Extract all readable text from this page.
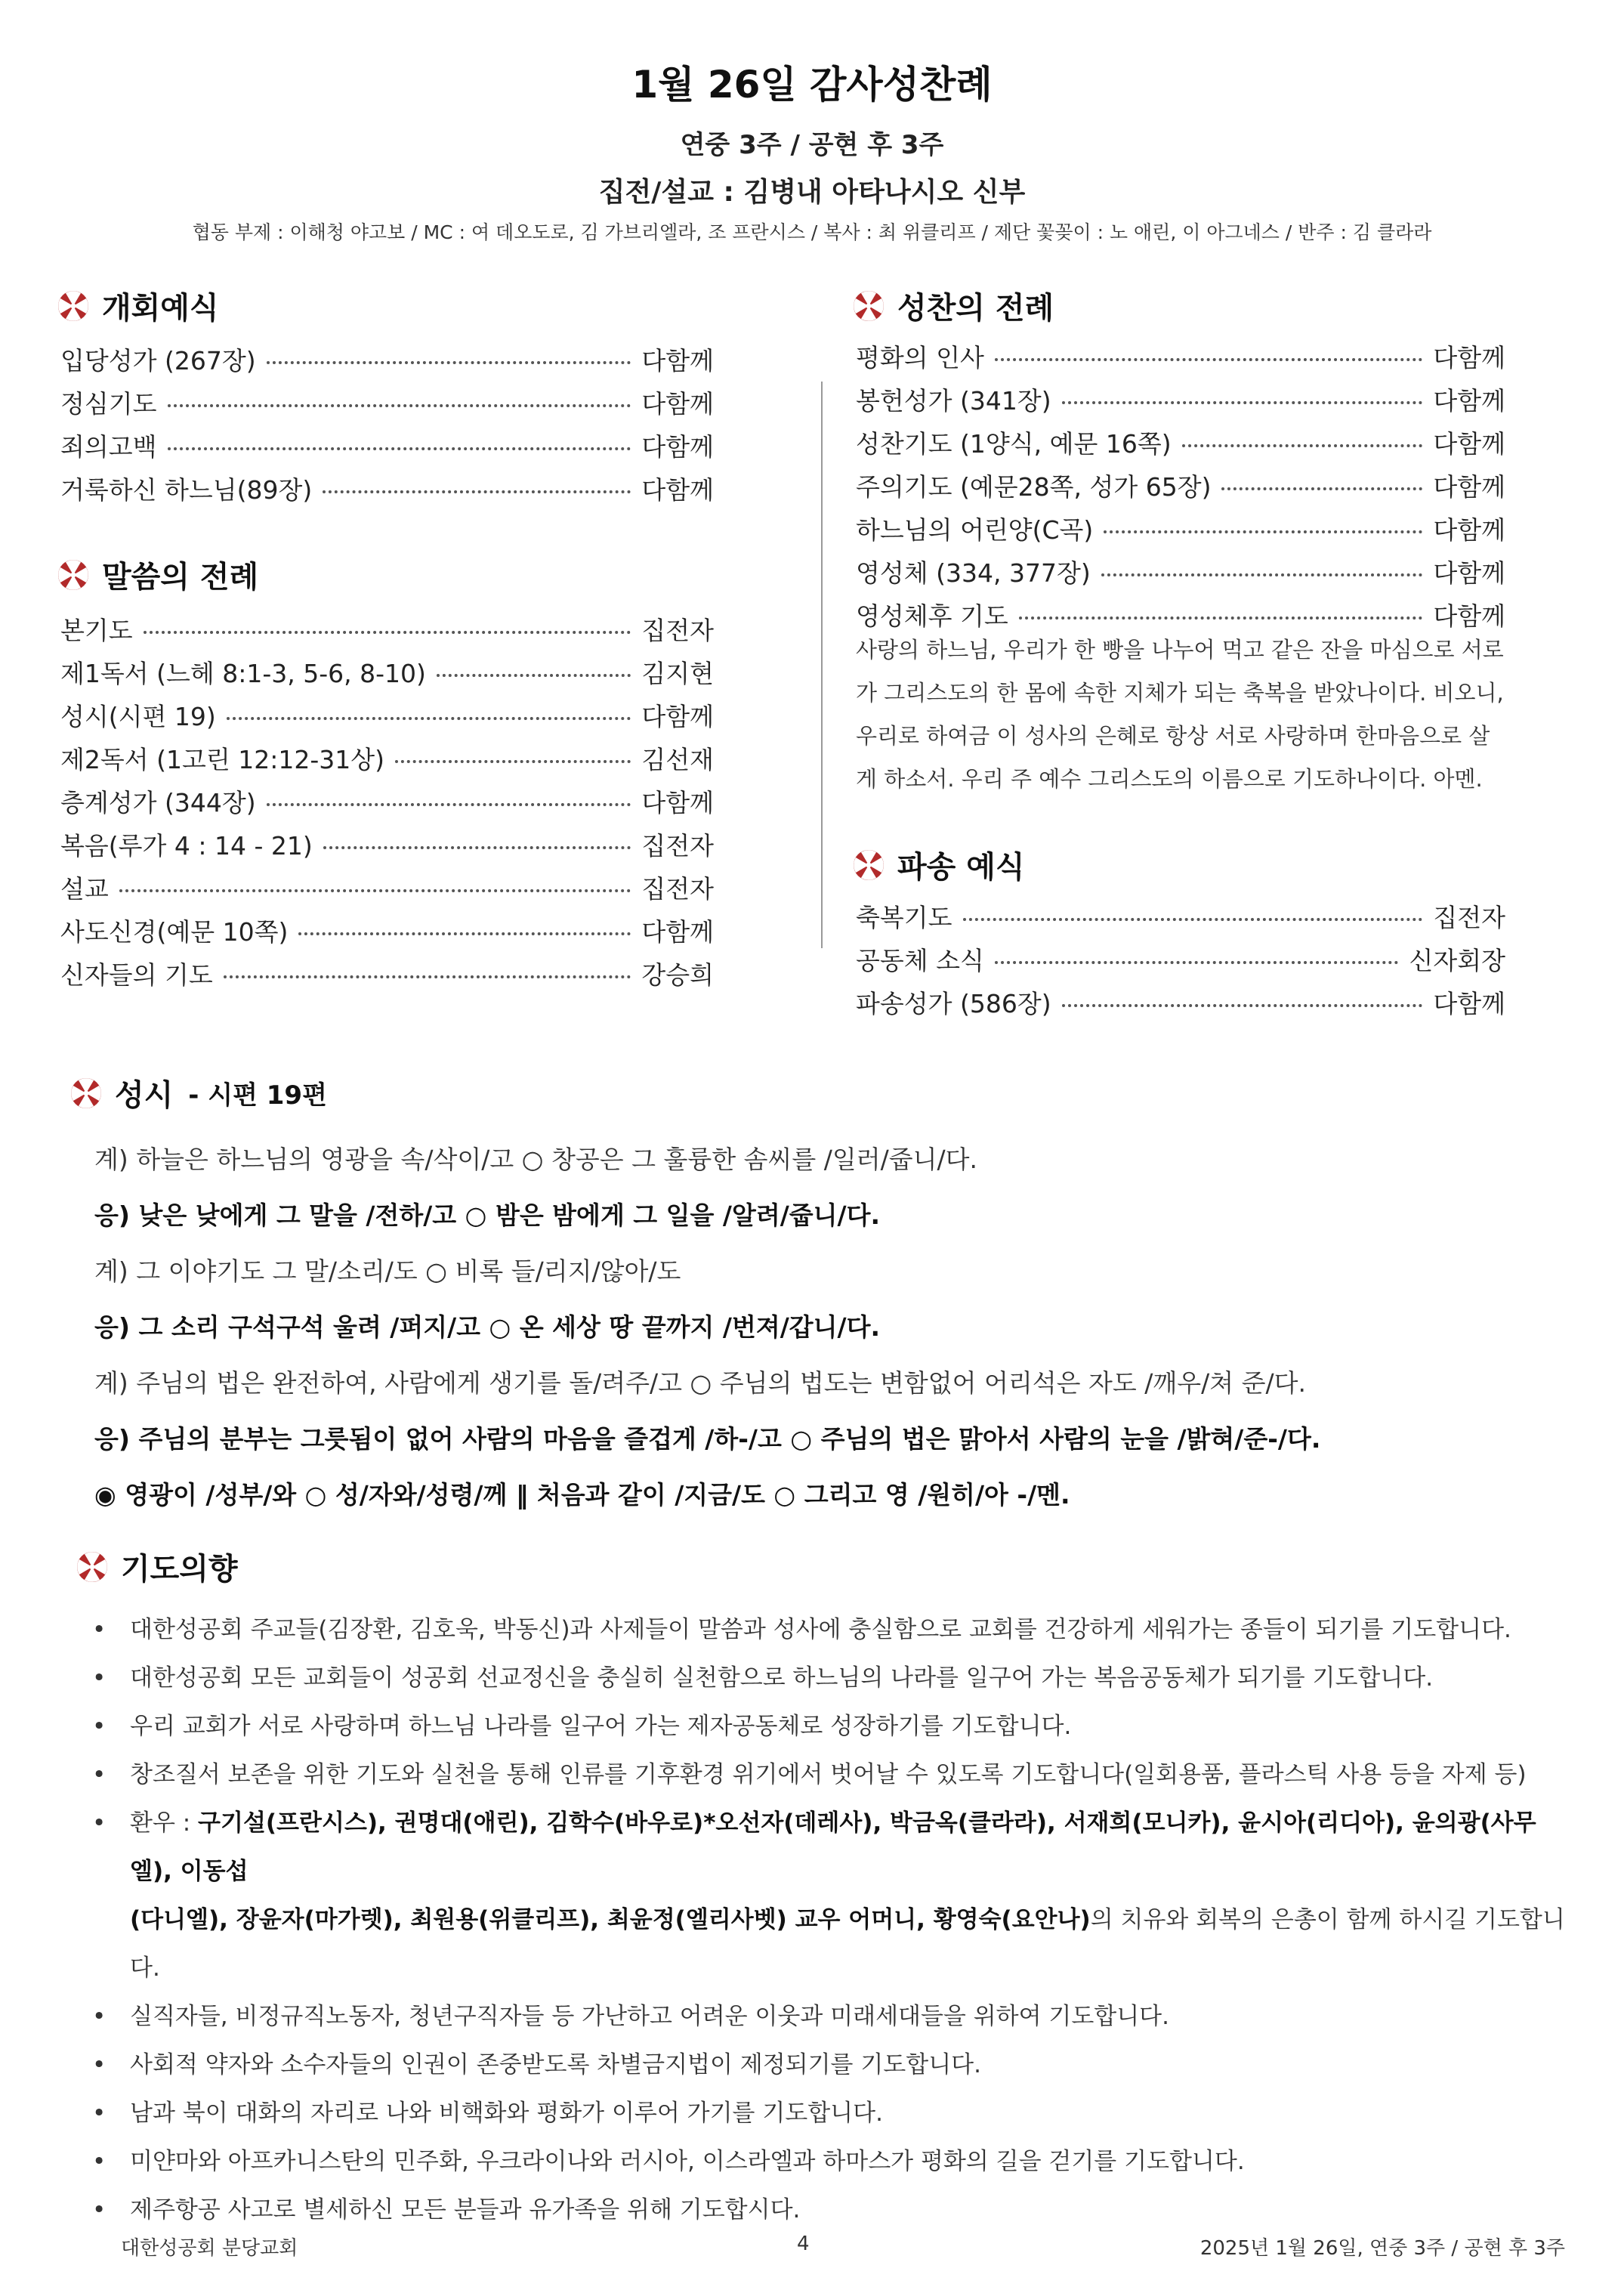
1월 26일 감사성찬례
연중 3주 / 공현 후 3주
집전/설교 : 김병내 아타나시오 신부
협동 부제 : 이해청 야고보 / MC : 여 데오도로, 김 가브리엘라, 조 프란시스 / 복사 : 최 위클리프 / 제단 꽃꽂이 : 노 애린, 이 아그네스 / 반주 : 김 클라라
개회예식
입당성가 (267장)	다함께
정심기도	다함께
죄의고백	다함께
거룩하신 하느님(89장)	다함께
말씀의 전례
본기도	집전자
제1독서 (느헤 8:1-3, 5-6, 8-10)	김지현
성시(시편 19)	다함께
제2독서 (1고린 12:12-31상)	김선재
층계성가 (344장)	다함께
복음(루가 4 : 14 - 21)	집전자
설교	집전자
사도신경(예문 10쪽)	다함께
신자들의 기도	강승희
성찬의 전례
평화의 인사	다함께
봉헌성가 (341장)	다함께
성찬기도 (1양식, 예문 16쪽)	다함께
주의기도 (예문28쪽, 성가 65장)	다함께
하느님의 어린양(C곡)	다함께
영성체 (334, 377장)	다함께
영성체후 기도	다함께
사랑의 하느님, 우리가 한 빵을 나누어 먹고 같은 잔을 마심으로 서로가 그리스도의 한 몸에 속한 지체가 되는 축복을 받았나이다. 비오니, 우리로 하여금 이 성사의 은혜로 항상 서로 사랑하며 한마음으로 살게 하소서. 우리 주 예수 그리스도의 이름으로 기도하나이다. 아멘.
파송 예식
축복기도	집전자
공동체 소식	신자회장
파송성가 (586장)	다함께
성시 - 시편 19편
계) 하늘은 하느님의 영광을 속/삭이/고 ○ 창공은 그 훌륭한 솜씨를 /일러/줍니/다.
응) 낮은 낮에게 그 말을 /전하/고 ○ 밤은 밤에게 그 일을 /알려/줍니/다.
계) 그 이야기도 그 말/소리/도 ○ 비록 들/리지/않아/도
응) 그 소리 구석구석 울려 /퍼지/고 ○ 온 세상 땅 끝까지 /번져/갑니/다.
계) 주님의 법은 완전하여, 사람에게 생기를 돌/려주/고 ○ 주님의 법도는 변함없어 어리석은 자도 /깨우/쳐 준/다.
응) 주님의 분부는 그릇됨이 없어 사람의 마음을 즐겁게 /하-/고 ○ 주님의 법은 맑아서 사람의 눈을 /밝혀/준-/다.
◉ 영광이 /성부/와 ○ 성/자와/성령/께 ‖ 처음과 같이 /지금/도 ○ 그리고 영 /원히/아 -/멘.
기도의향
•	대한성공회 주교들(김장환, 김호욱, 박동신)과 사제들이 말씀과 성사에 충실함으로 교회를 건강하게 세워가는 종들이 되기를 기도합니다.
•	대한성공회 모든 교회들이 성공회 선교정신을 충실히 실천함으로 하느님의 나라를 일구어 가는 복음공동체가 되기를 기도합니다.
•	우리 교회가 서로 사랑하며 하느님 나라를 일구어 가는 제자공동체로 성장하기를 기도합니다.
•	창조질서 보존을 위한 기도와 실천을 통해 인류를 기후환경 위기에서 벗어날 수 있도록 기도합니다(일회용품, 플라스틱 사용 등을 자제 등)
•	환우 : 구기설(프란시스), 권명대(애린), 김학수(바우로)*오선자(데레사), 박금옥(클라라), 서재희(모니카), 윤시아(리디아), 윤의광(사무엘), 이동섭
(다니엘), 장윤자(마가렛), 최원용(위클리프), 최윤정(엘리사벳) 교우 어머니, 황영숙(요안나)의 치유와 회복의 은총이 함께 하시길 기도합니다.
•	실직자들, 비정규직노동자, 청년구직자들 등 가난하고 어려운 이웃과 미래세대들을 위하여 기도합니다.
•	사회적 약자와 소수자들의 인권이 존중받도록 차별금지법이 제정되기를 기도합니다.
•	남과 북이 대화의 자리로 나와 비핵화와 평화가 이루어 가기를 기도합니다.
•	미얀마와 아프카니스탄의 민주화, 우크라이나와 러시아, 이스라엘과 하마스가 평화의 길을 걷기를 기도합니다.
•	제주항공 사고로 별세하신 모든 분들과 유가족을 위해 기도합시다.
대한성공회 분당교회	4	2025년 1월 26일, 연중 3주 / 공현 후 3주
